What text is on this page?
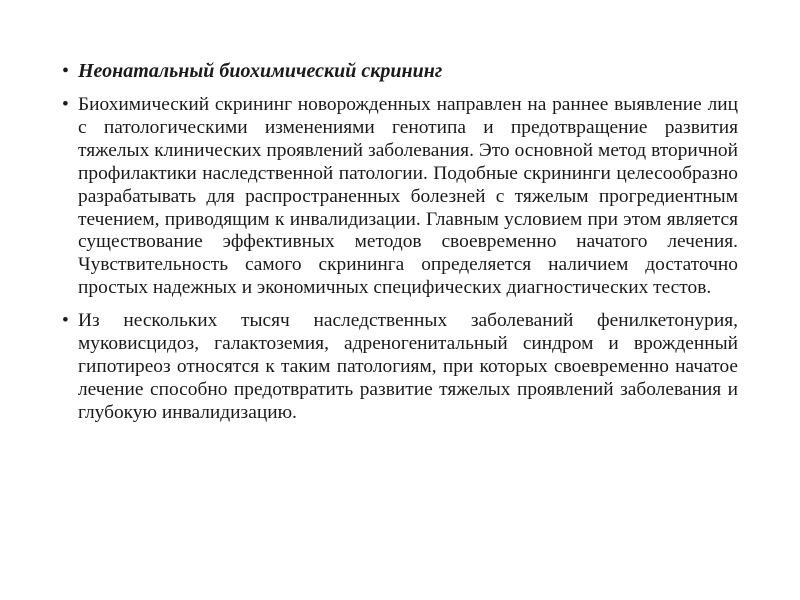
• Неонатальный биохимический скрининг
• Биохимический скрининг новорожденных направлен на раннее выявление лиц с патологическими изменениями генотипа и предотвращение развития тяжелых клинических проявлений заболевания. Это основной метод вторичной профилактики наследственной патологии. Подобные скрининги целесообразно разрабатывать для распространенных болезней с тяжелым прогредиентным течением, приводящим к инвалидизации. Главным условием при этом является существование эффективных методов своевременно начатого лечения. Чувствительность самого скрининга определяется наличием достаточно простых надежных и экономичных специфических диагностических тестов.
• Из нескольких тысяч наследственных заболеваний фенилкетонурия, муковисцидоз, галактоземия, адреногенитальный синдром и врожденный гипотиреоз относятся к таким патологиям, при которых своевременно начатое лечение способно предотвратить развитие тяжелых проявлений заболевания и глубокую инвалидизацию.
